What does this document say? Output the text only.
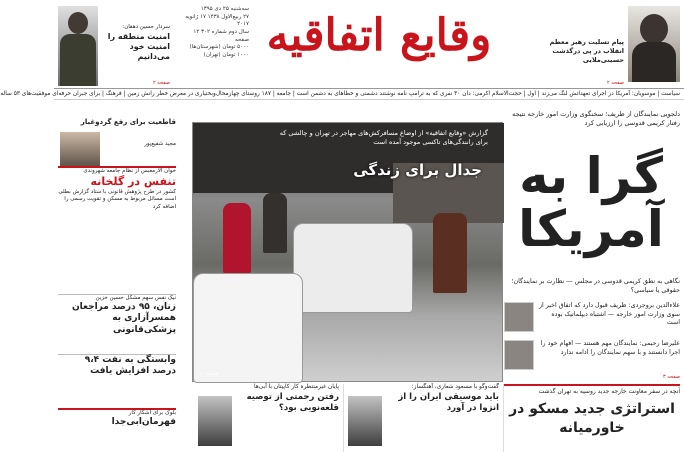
پیام تسلیت رهبر معظم انقلاب در پی درگذشت حسینی‌ملایی
صفحه ۲
وقایع اتفاقیه
سه‌شنبه ۲۵ دی ۱۳۹۵
۲۷ ربیع‌الاول ۱۴۳۸ ۱۷ ژانویه ۲۰۱۷
سال دوم شماره ۳۰۲ ۱۲ صفحه
۵۰۰۰ تومان (شهرستان‌ها)
۱۰۰۰ تومان (تهران)
سردار حسین دهقان:
امنیت منطقه را امنیت خود می‌دانیم
صفحه ۲
سیاست | موسویان: آمریکا در اجرای تعهداتش لنگ می‌زند | اول | حجت‌الاسلام اکرمی: دان ۳۰ نفری که به ترامپ نامه نوشتند دشمنی و خطاهای به دشمن است | جامعه | ۱۸۷ روستای چهارمحال‌وبختیاری در معرض خطر رانش زمین | فرهنگ | برای جبران حرفه‌ای موفقیت‌های ۵۳ ساله
دلجویی نمایندگان از ظریف؛ سخنگوی وزارت امور خارجه نتیجه رفتار کریمی قدوسی را ارزیابی کرد
گرا به آمریکا
نگاهی به نطق کریمی قدوسی در مجلس — نظارت بر نمایندگان؛ حقوقی یا سیاسی؟
علاءالدین بروجردی: ظریف قبول دارد که اتفاق اخیر از سوی وزارت امور خارجه — اشتباه دیپلماتیک بوده است
علیرضا رحیمی: نمایندگان مهم هستند — افهام خود را اجرا دانستند و با سهم نمایندگان را ادامه ندارد
صفحه ۳
آنچه در سفر معاونت خارجه جدید روسیه به تهران گذشت
استراتژی جدید مسکو در خاورمیانه
گزارش «وقایع اتفاقیه» از اوضاع مسافرکش‌های مهاجر در تهران و چالشی که برای رانندگی‌های تاکسی موجود آمده است
جدال برای زندگی
صفحه ۱۰
قاطعیت برای رفع گردوغبار
مجید شفیع‌پور
خوان‌ الارمعبس از نظام جامعه شهروندی
تنفس در گلخانه
کشور در طرح پژوهش قانونی با ستاد گزارش بطلی است مسائل مربوط به مسکن و تقویت رسمی را اضافه کرد
نیک نفس سهم مشکل حسین خزین
زنان، ۹۵ درصد مراجعان همسرآزاری به پزشکی‌قانونی
وابستگی به نفت ۹،۴ درصد افزایش یافت
بلوک برای آشکار کار
فهرمان‌ابی‌جدا
گفت‌وگو با مسعود شعاری، آهنگساز:
باید موسیقی ایران را از انزوا در آورد
پایان غیرمنتظره کار کاپیتان با آبی‌ها
رفتن رحمتی از توصیه قلعه‌نویی بود؟
